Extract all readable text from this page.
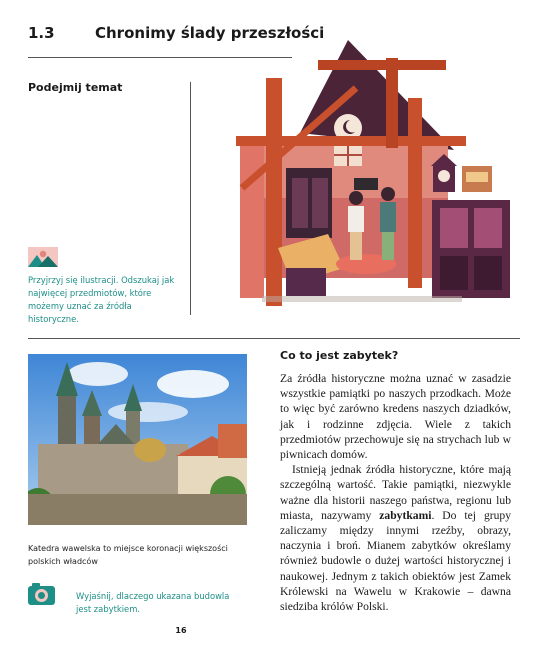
1.3	Chronimy ślady przeszłości
Podejmij temat
Przyjrzyj się ilustracji. Odszukaj jak najwięcej przedmiotów, które możemy uznać za źródła historyczne.
Katedra wawelska to miejsce koronacji większości polskich władców
Wyjaśnij, dlaczego ukazana budowla jest zabytkiem.
Co to jest zabytek?

Za źródła historyczne można uznać w zasadzie wszystkie pamiątki po naszych przodkach. Może to więc być zarówno kredens naszych dziadków, jak i rodzinne zdjęcia. Wiele z takich przedmiotów przechowuje się na strychach lub w piwnicach domów.

Istnieją jednak źródła historyczne, które mają szczególną wartość. Takie pamiątki, niezwykle ważne dla historii naszego państwa, regionu lub miasta, nazywamy zabytkami. Do tej grupy zaliczamy między innymi rzeźby, obrazy, naczynia i broń. Mianem zabytków określamy również budowle o dużej wartości historycznej i naukowej. Jednym z takich obiektów jest Zamek Królewski na Wawelu w Krakowie – dawna siedziba królów Polski.

16
